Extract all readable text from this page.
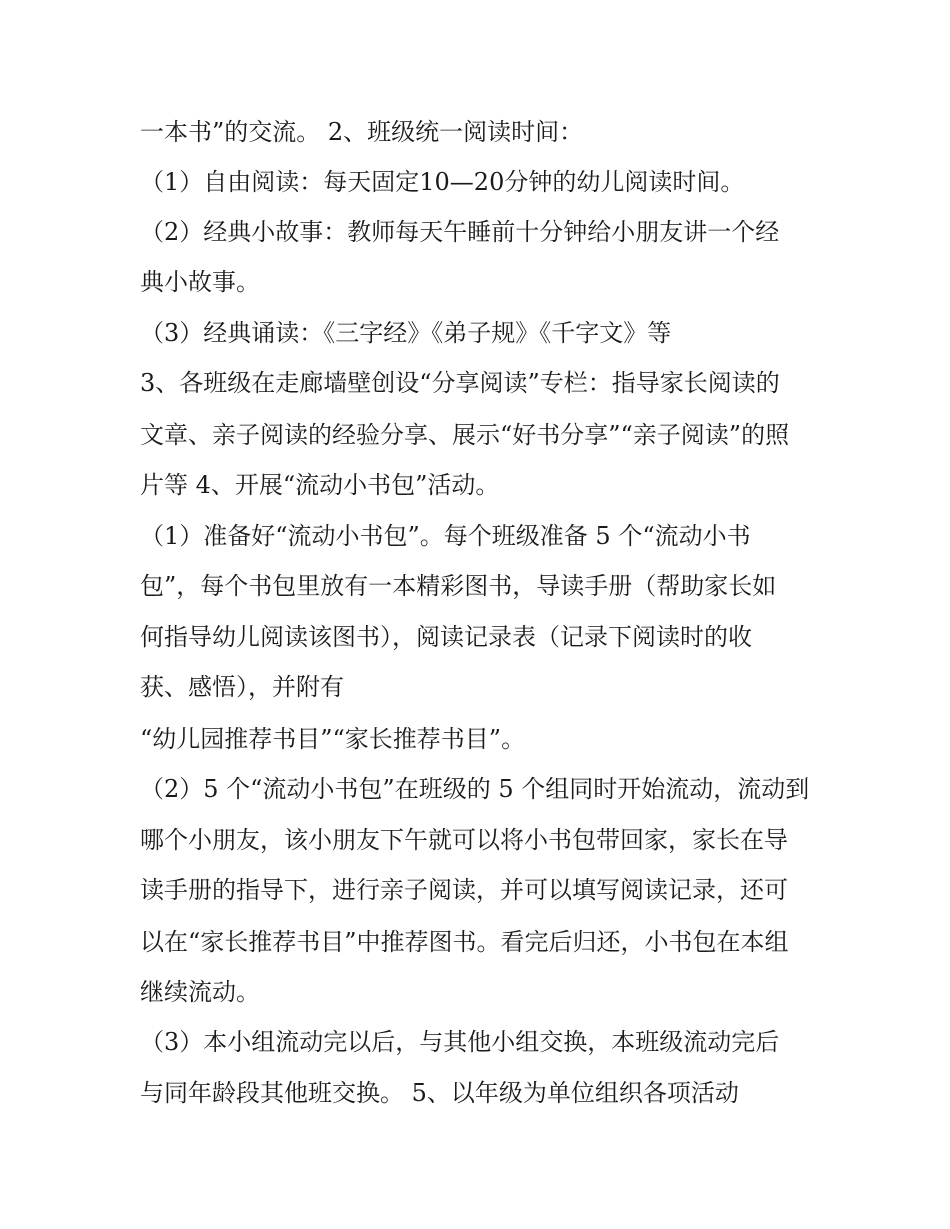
一本书”的交流。 2、班级统一阅读时间：

（1）自由阅读：每天固定10—20分钟的幼儿阅读时间。

（2）经典小故事：教师每天午睡前十分钟给小朋友讲一个经

典小故事。

（3）经典诵读：《三字经》《弟子规》《千字文》等

3、各班级在走廊墙壁创设“分享阅读”专栏：指导家长阅读的

文章、亲子阅读的经验分享、展示“好书分享”“亲子阅读”的照

片等 4、开展“流动小书包”活动。

（1）准备好“流动小书包”。每个班级准备 5 个“流动小书

包”，每个书包里放有一本精彩图书，导读手册（帮助家长如

何指导幼儿阅读该图书），阅读记录表（记录下阅读时的收

获、感悟），并附有

“幼儿园推荐书目”“家长推荐书目”。

（2）5 个“流动小书包”在班级的 5 个组同时开始流动，流动到

哪个小朋友，该小朋友下午就可以将小书包带回家，家长在导

读手册的指导下，进行亲子阅读，并可以填写阅读记录，还可

以在“家长推荐书目”中推荐图书。看完后归还，小书包在本组

继续流动。

（3）本小组流动完以后，与其他小组交换，本班级流动完后

与同年龄段其他班交换。 5、以年级为单位组织各项活动
